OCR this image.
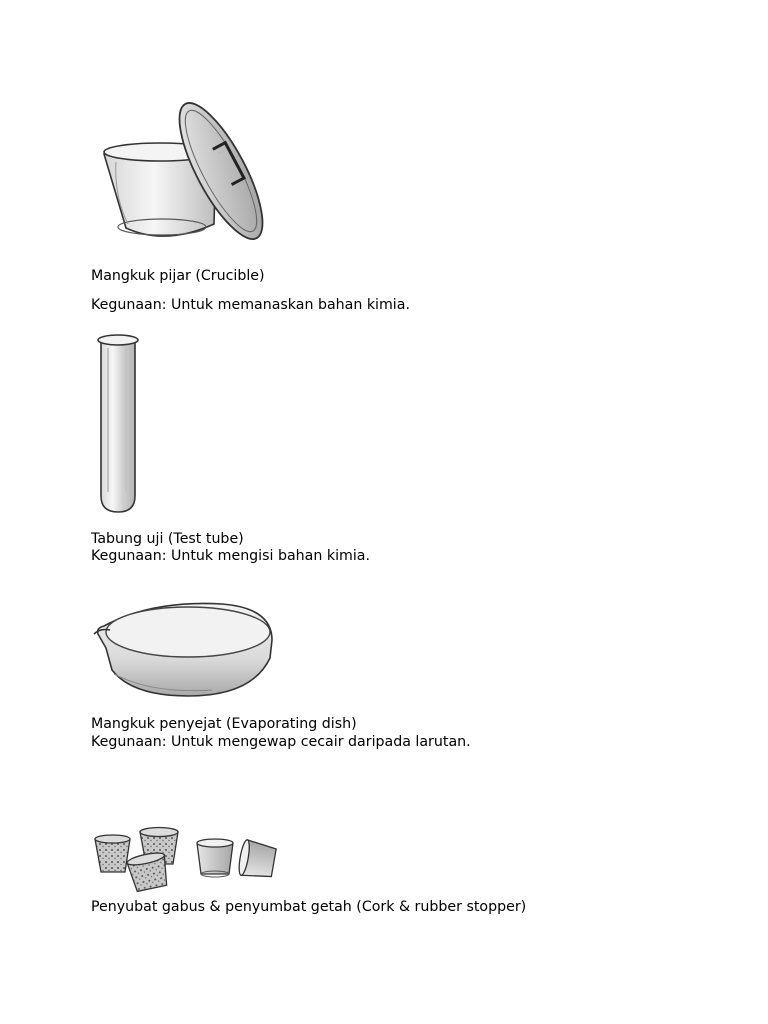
Mangkuk pijar (Crucible)
Kegunaan: Untuk memanaskan bahan kimia.
Tabung uji (Test tube)
Kegunaan: Untuk mengisi bahan kimia.
Mangkuk penyejat (Evaporating dish)
Kegunaan: Untuk mengewap cecair daripada larutan.
Penyubat gabus & penyumbat getah (Cork & rubber stopper)
